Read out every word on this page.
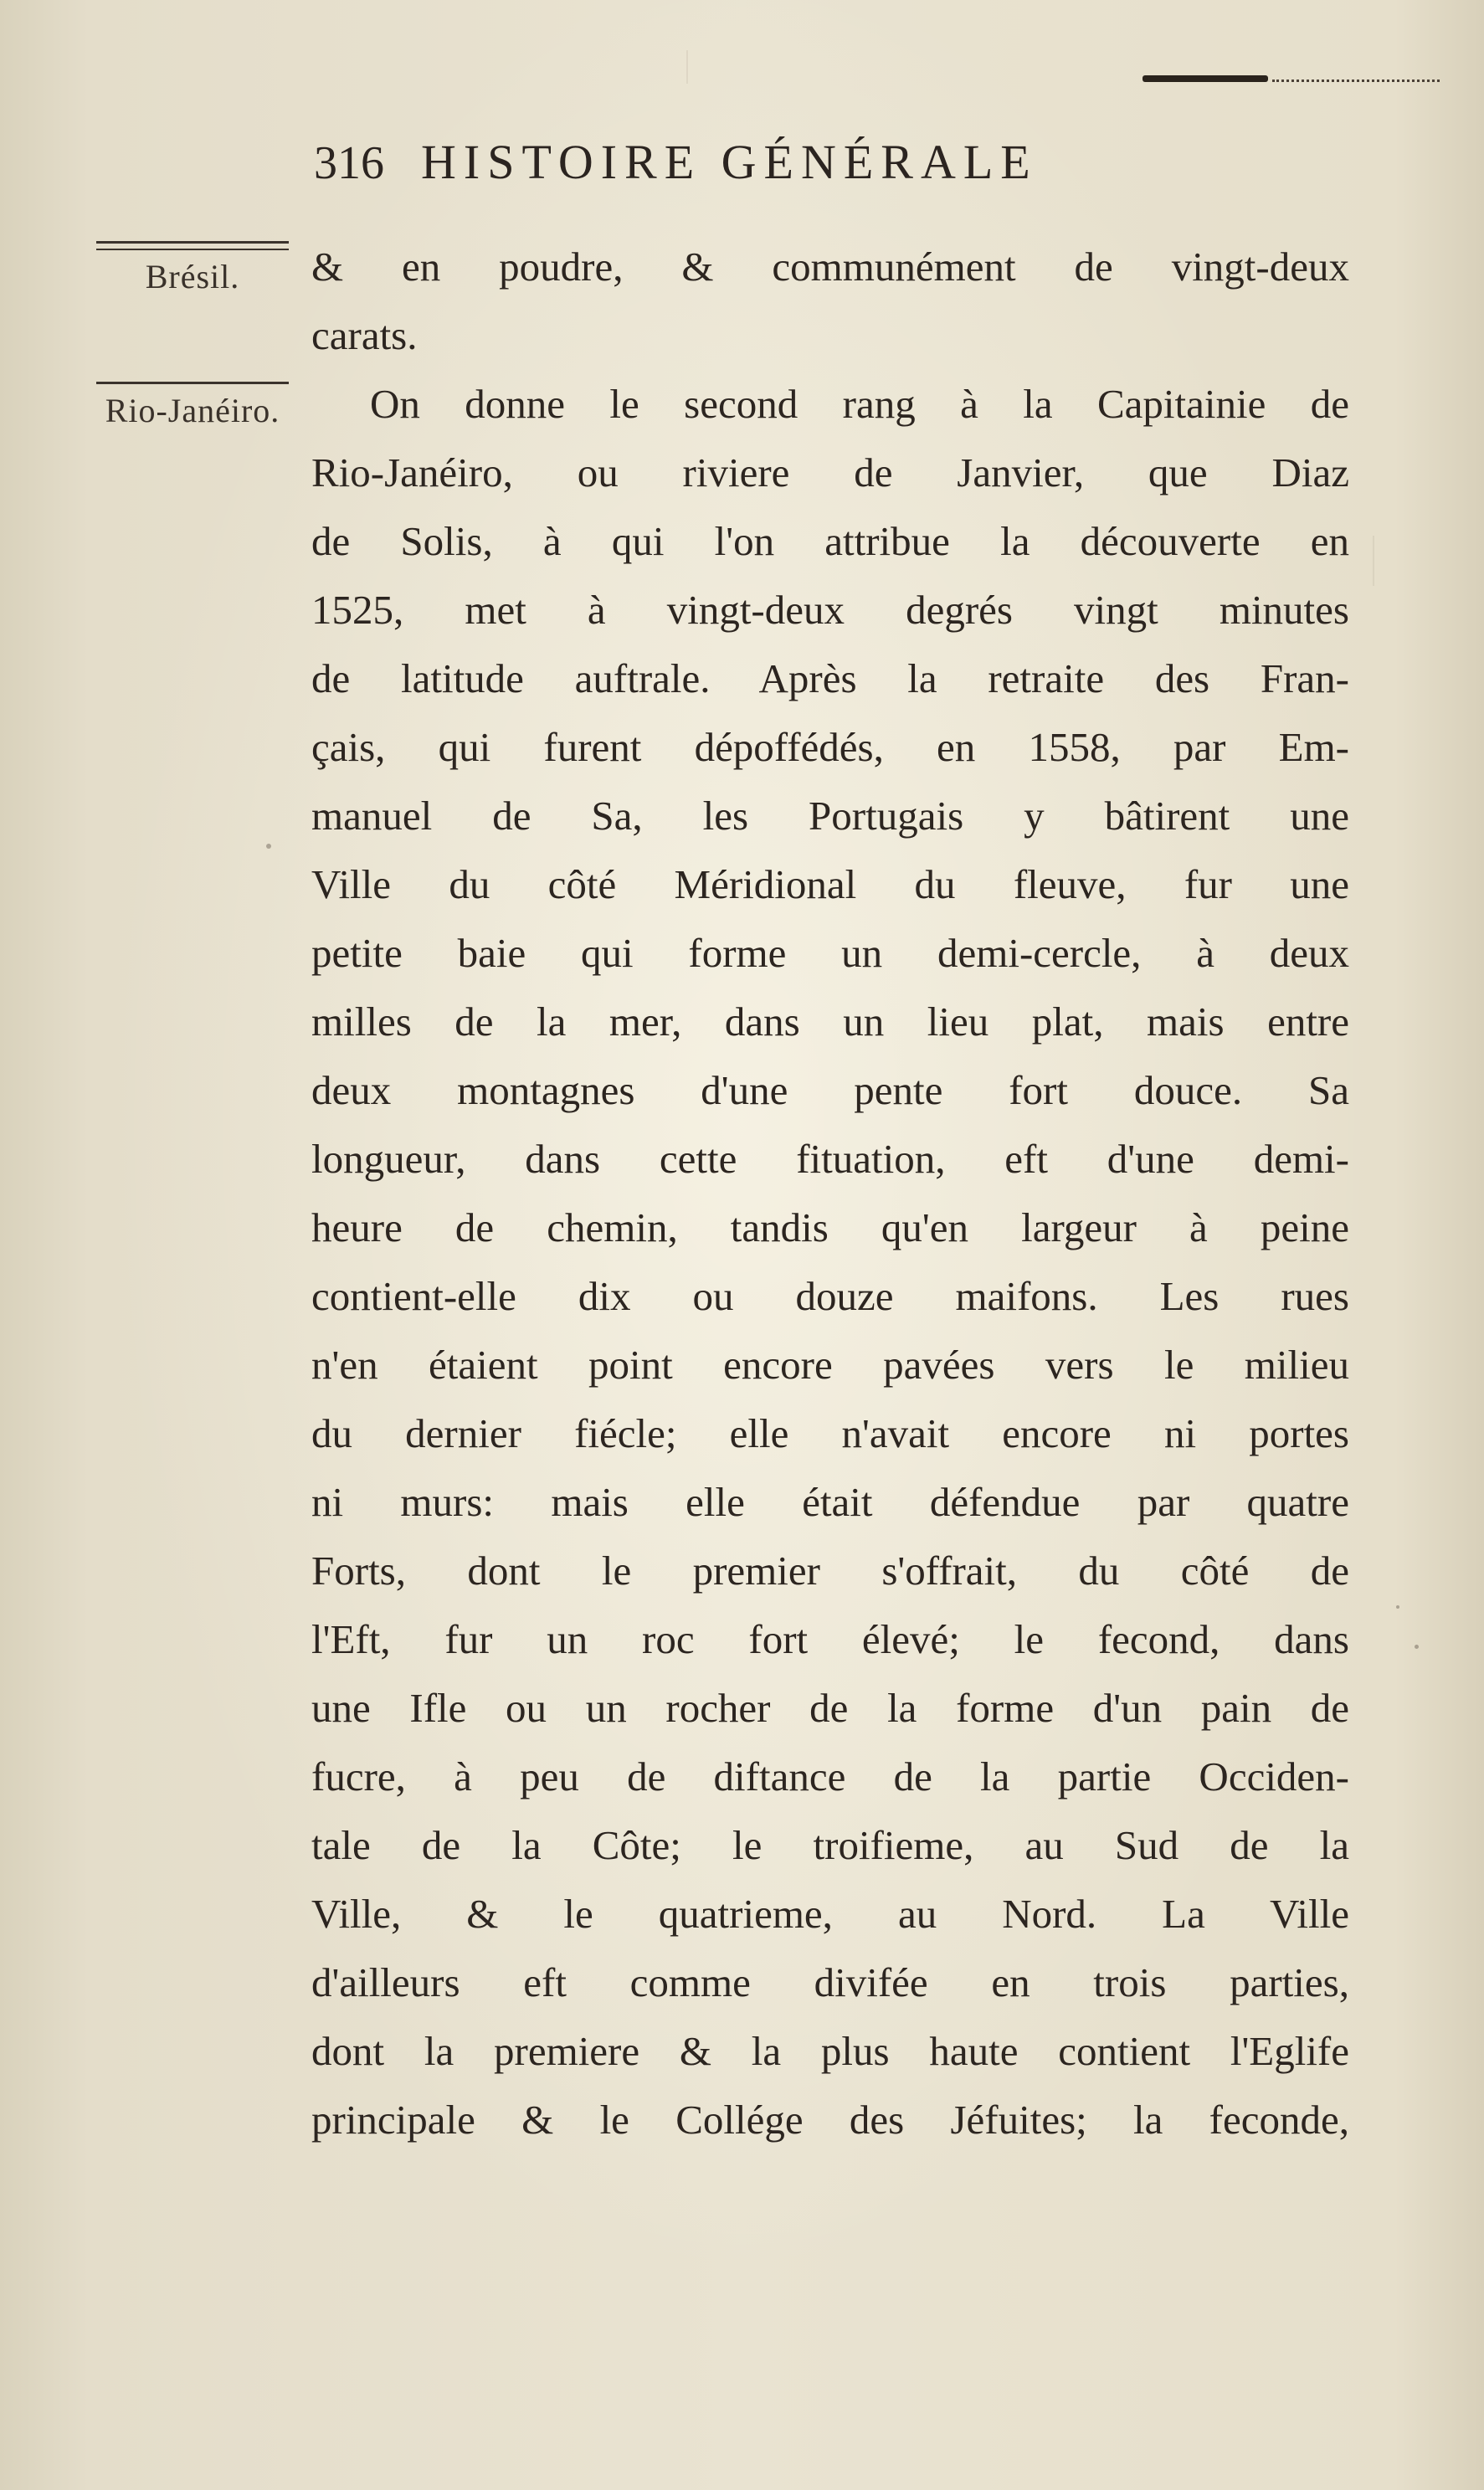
316 HISTOIRE GÉNÉRALE
Brésil.
Rio-Janéiro.
& en poudre, & communément de vingt-deux
carats.
On donne le second rang à la Capitainie de
Rio-Janéiro, ou riviere de Janvier, que Diaz
de Solis, à qui l'on attribue la découverte en
1525, met à vingt-deux degrés vingt minutes
de latitude auftrale. Après la retraite des Fran-
çais, qui furent dépoffédés, en 1558, par Em-
manuel de Sa, les Portugais y bâtirent une
Ville du côté Méridional du fleuve, fur une
petite baie qui forme un demi-cercle, à deux
milles de la mer, dans un lieu plat, mais entre
deux montagnes d'une pente fort douce. Sa
longueur, dans cette fituation, eft d'une demi-
heure de chemin, tandis qu'en largeur à peine
contient-elle dix ou douze maifons. Les rues
n'en étaient point encore pavées vers le milieu
du dernier fiécle; elle n'avait encore ni portes
ni murs: mais elle était défendue par quatre
Forts, dont le premier s'offrait, du côté de
l'Eft, fur un roc fort élevé; le fecond, dans
une Ifle ou un rocher de la forme d'un pain de
fucre, à peu de diftance de la partie Occiden-
tale de la Côte; le troifieme, au Sud de la
Ville, & le quatrieme, au Nord. La Ville
d'ailleurs eft comme divifée en trois parties,
dont la premiere & la plus haute contient l'Eglife
principale & le Collége des Jéfuites; la feconde,
